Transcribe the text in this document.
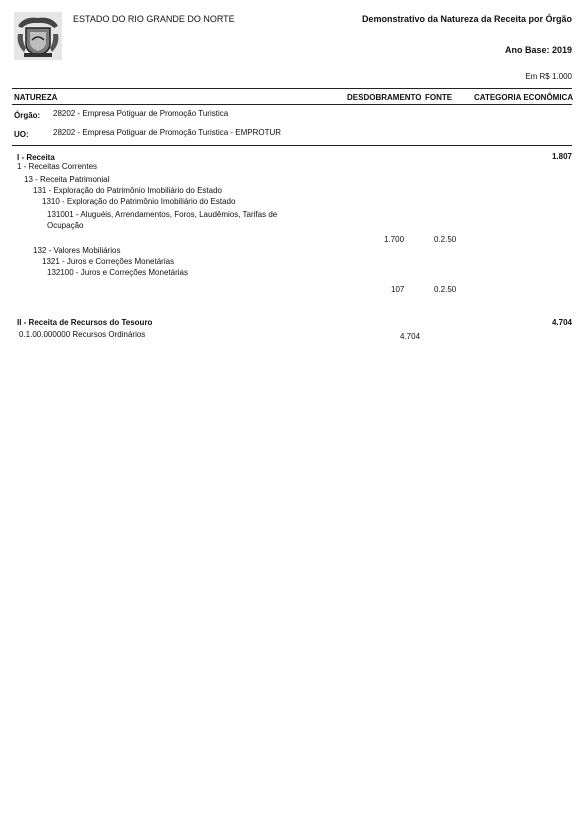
ESTADO DO RIO GRANDE DO NORTE	Demonstrativo da Natureza da Receita por Órgão
Ano Base: 2019
Em R$ 1.000
NATUREZA	DESDOBRAMENTO FONTE	CATEGORIA ECONÔMICA
Órgão: 28202 - Empresa Potiguar de Promoção Turistica
UO:	28202 - Empresa Potiguar de Promoção Turistica - EMPROTUR
I - Receita	1.807
1 - Receitas Correntes
13 - Receita Patrimonial
131 - Exploração do Patrimônio Imobiliário do Estado
1310 - Exploração do Patrimônio Imobiliário do Estado
131001 - Aluguéis, Arrendamentos, Foros, Laudêmios, Tarifas de
Ocupação
1.700	0.2.50
132 - Valores Mobiliários
1321 - Juros e Correções Monetárias
132100 - Juros e Correções Monetárias
107	0.2.50
II - Receita de Recursos do Tesouro	4.704
0.1.00.000000 Recursos Ordinários	4.704
